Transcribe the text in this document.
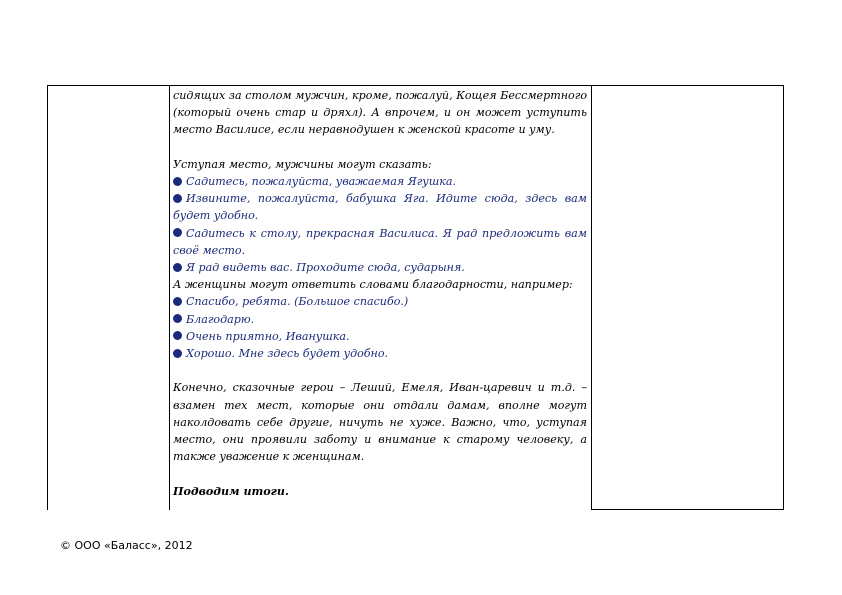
сидящих за столом мужчин, кроме, пожалуй, Кощея Бессмертного (который очень стар и дряхл). А впрочем, и он может уступить место Василисе, если неравнодушен к женской красоте и уму.

Уступая место, мужчины могут сказать:

Садитесь, пожалуйста, уважаемая Ягушка.

Извините, пожалуйста, бабушка Яга. Идите сюда, здесь вам будет удобно.

Садитесь к столу, прекрасная Василиса. Я рад предложить вам своё место.

Я рад видеть вас. Проходите сюда, сударыня.

А женщины могут ответить словами благодарности, например:

Спасибо, ребята. (Большое спасибо.)

Благодарю.

Очень приятно, Иванушка.

Хорошо. Мне здесь будет удобно.

Конечно, сказочные герои – Леший, Емеля, Иван-царевич и т.д. – взамен тех мест, которые они отдали дамам, вполне могут наколдовать себе другие, ничуть не хуже. Важно, что, уступая место, они проявили заботу и внимание к старому человеку, а также уважение к женщинам.

Подводим итоги.

© ООО «Баласс», 2012
